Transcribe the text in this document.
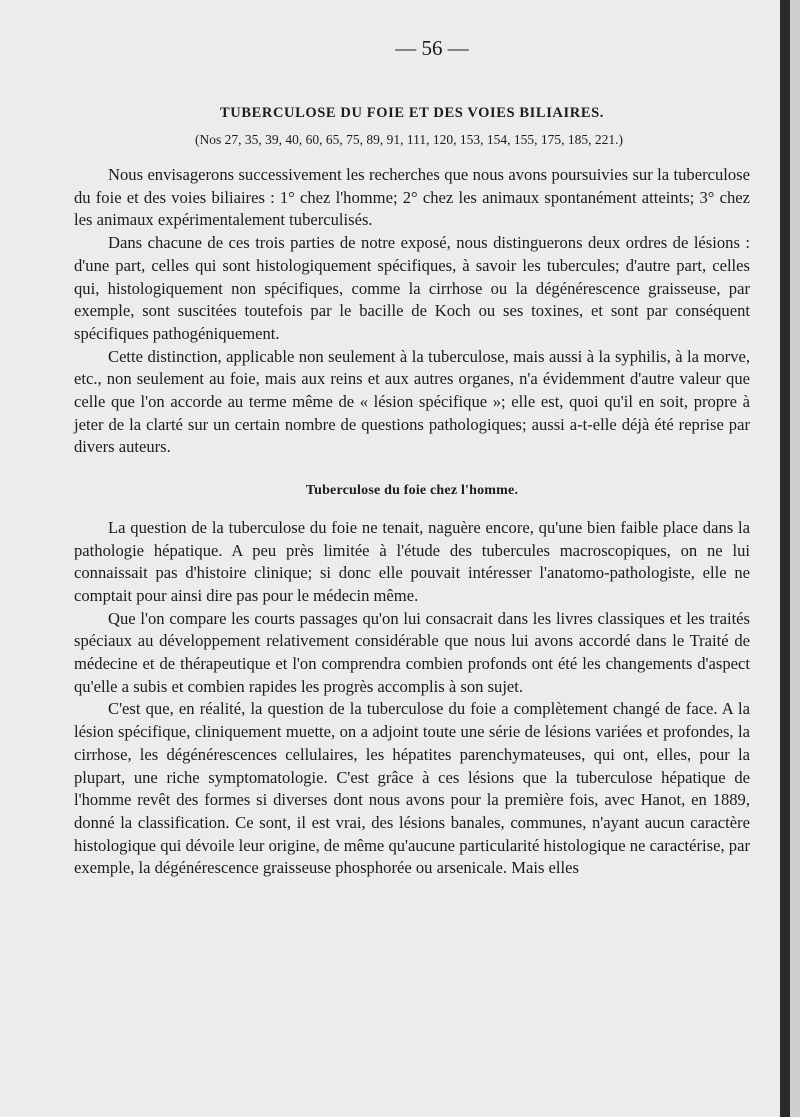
— 56 —
TUBERCULOSE DU FOIE ET DES VOIES BILIAIRES.
(Nos 27, 35, 39, 40, 60, 65, 75, 89, 91, 111, 120, 153, 154, 155, 175, 185, 221.)

Nous envisagerons successivement les recherches que nous avons poursuivies sur la tuberculose du foie et des voies biliaires : 1° chez l'homme; 2° chez les animaux spontanément atteints; 3° chez les animaux expérimentalement tuberculisés.

Dans chacune de ces trois parties de notre exposé, nous distinguerons deux ordres de lésions : d'une part, celles qui sont histologiquement spécifiques, à savoir les tubercules; d'autre part, celles qui, histologiquement non spécifiques, comme la cirrhose ou la dégénérescence graisseuse, par exemple, sont suscitées toutefois par le bacille de Koch ou ses toxines, et sont par conséquent spécifiques pathogéniquement.

Cette distinction, applicable non seulement à la tuberculose, mais aussi à la syphilis, à la morve, etc., non seulement au foie, mais aux reins et aux autres organes, n'a évidemment d'autre valeur que celle que l'on accorde au terme même de « lésion spécifique »; elle est, quoi qu'il en soit, propre à jeter de la clarté sur un certain nombre de questions pathologiques; aussi a-t-elle déjà été reprise par divers auteurs.

Tuberculose du foie chez l'homme.

La question de la tuberculose du foie ne tenait, naguère encore, qu'une bien faible place dans la pathologie hépatique. A peu près limitée à l'étude des tubercules macroscopiques, on ne lui connaissait pas d'histoire clinique; si donc elle pouvait intéresser l'anatomo-pathologiste, elle ne comptait pour ainsi dire pas pour le médecin même.

Que l'on compare les courts passages qu'on lui consacrait dans les livres classiques et les traités spéciaux au développement relativement considérable que nous lui avons accordé dans le Traité de médecine et de thérapeutique et l'on comprendra combien profonds ont été les changements d'aspect qu'elle a subis et combien rapides les progrès accomplis à son sujet.

C'est que, en réalité, la question de la tuberculose du foie a complètement changé de face. A la lésion spécifique, cliniquement muette, on a adjoint toute une série de lésions variées et profondes, la cirrhose, les dégénérescences cellulaires, les hépatites parenchymateuses, qui ont, elles, pour la plupart, une riche symptomatologie. C'est grâce à ces lésions que la tuberculose hépatique de l'homme revêt des formes si diverses dont nous avons pour la première fois, avec Hanot, en 1889, donné la classification. Ce sont, il est vrai, des lésions banales, communes, n'ayant aucun caractère histologique qui dévoile leur origine, de même qu'aucune particularité histologique ne caractérise, par exemple, la dégénérescence graisseuse phosphorée ou arsenicale. Mais elles
